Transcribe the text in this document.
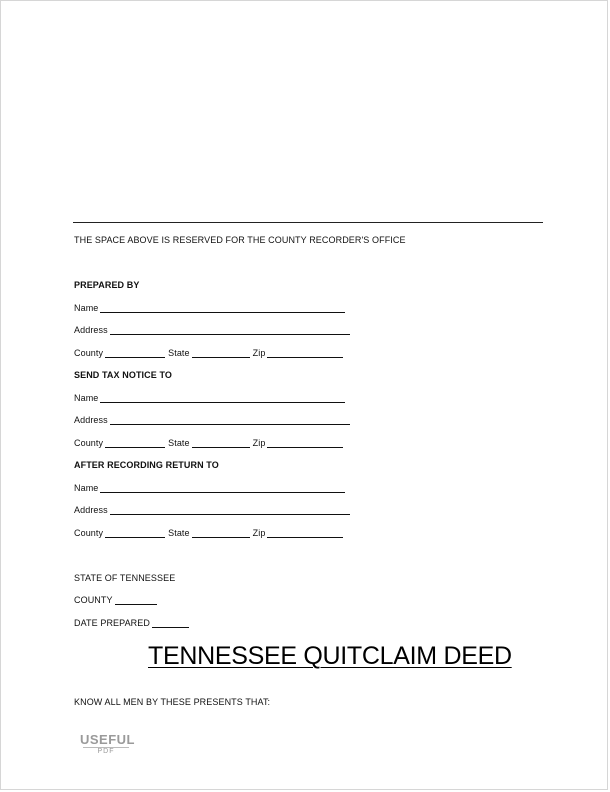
THE SPACE ABOVE IS RESERVED FOR THE COUNTY RECORDER'S OFFICE
PREPARED BY
Name
Address
County	State	Zip
SEND TAX NOTICE TO
Name
Address
County	State	Zip
AFTER RECORDING RETURN TO
Name
Address
County	State	Zip
STATE OF TENNESSEE
COUNTY
DATE PREPARED
TENNESSEE QUITCLAIM DEED
KNOW ALL MEN BY THESE PRESENTS THAT:
USEFUL
PDF
